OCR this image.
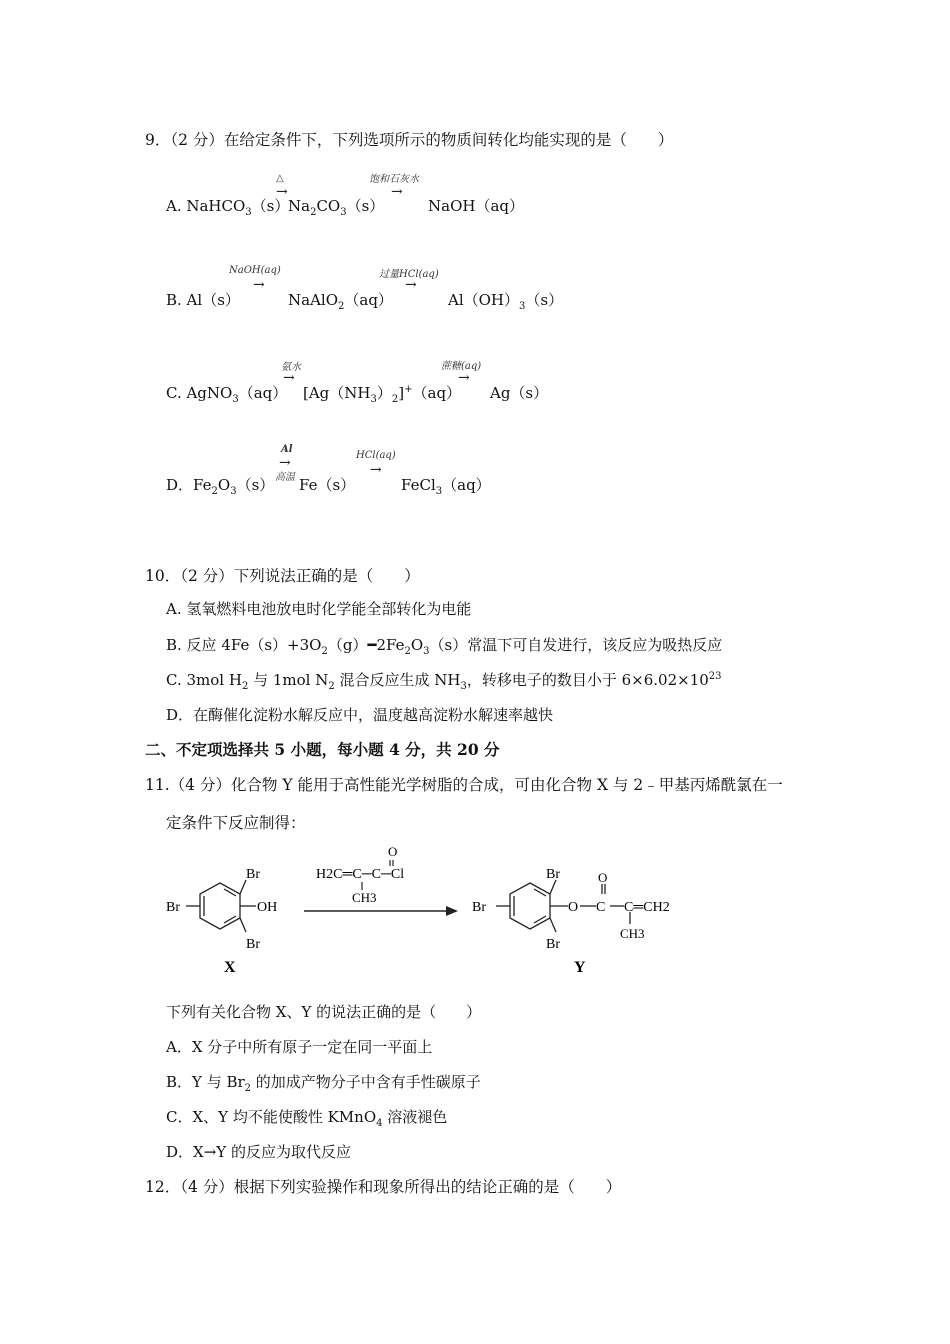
9．（2 分）在给定条件下，下列选项所示的物质间转化均能实现的是（　　）
A. NaHCO$_3$（s）
△
→
$Na_2CO_3(s)$
饱和石灰水
→
NaOH（aq）
B. Al（s）
NaOH(aq)
→
NaAlO$_2$（aq）
过量HCl(aq)
→
$Al(OH)_3(s)$
C. AgNO$_3$（aq）
氨水
→
$[Ag(NH_3)_2]^+(aq)$
蔗糖(aq)
→
Ag（s）
D．$Fe_2O_3(s)$
Al
→
高温 Fe（s）
HCl(aq)
→
FeCl$_3$（aq）
10．（2 分）下列说法正确的是（　　）
A. 氢氧燃料电池放电时化学能全部转化为电能
B. 反应 $4Fe(s)+3O_2(g)━2Fe_2O_3(s)$常温下可自发进行，该反应为吸热反应
C. 3mol $H_2$ 与 1mol $N_2$ 混合反应生成 $NH_3$，转移电子的数目小于 $6\times 6.02\times 10^{23}$
D．在酶催化淀粉水解反应中，温度越高淀粉水解速率越快
二、不定项选择共 5 小题，每小题 4 分，共 20 分
11.（4 分）化合物 Y 能用于高性能光学树脂的合成，可由化合物 X 与 2﹣甲基丙烯酰氯在一
定条件下反应制得：
Br
OH
Br
Br
X
O
H2C═C─C─Cl
CH3
Br
O
O
C C═CH2
CH3
Br
Br
Y
下列有关化合物 X、Y 的说法正确的是（　　）
A．X 分子中所有原子一定在同一平面上
B．Y 与 $Br_2$ 的加成产物分子中含有手性碳原子
C．X、Y 均不能使酸性 KMnO$_4$ 溶液褪色
D．X→Y 的反应为取代反应
12．（4 分）根据下列实验操作和现象所得出的结论正确的是（　　）
